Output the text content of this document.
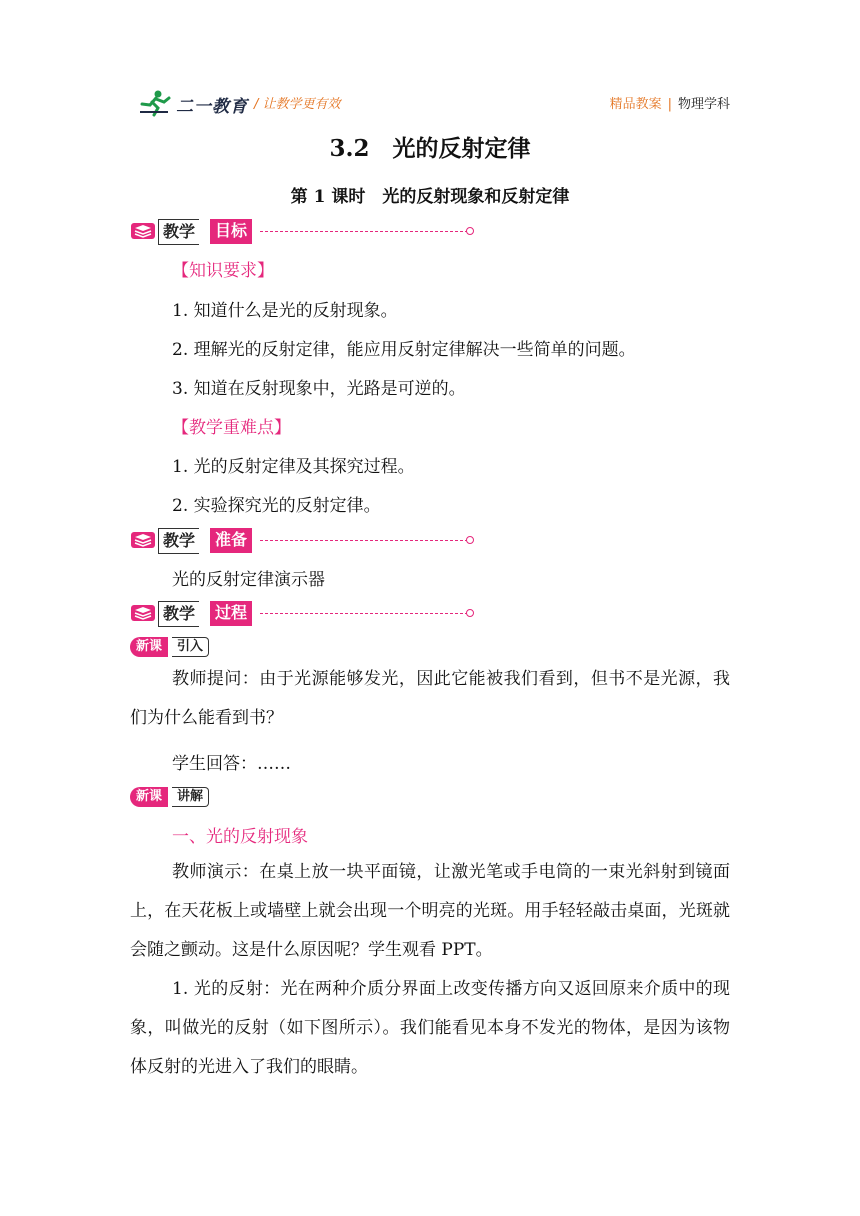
二一教育 / 让教学更有效	精品教案 | 物理学科
3.2　光的反射定律
第 1 课时　光的反射现象和反射定律
教学	目标
【知识要求】
1. 知道什么是光的反射现象。
2. 理解光的反射定律，能应用反射定律解决一些简单的问题。
3. 知道在反射现象中，光路是可逆的。
【教学重难点】
1. 光的反射定律及其探究过程。
2. 实验探究光的反射定律。
教学	准备
光的反射定律演示器
教学	过程
新课	引入
教师提问：由于光源能够发光，因此它能被我们看到，但书不是光源，我们为什么能看到书？
学生回答：……
新课	讲解
一、光的反射现象
教师演示：在桌上放一块平面镜，让激光笔或手电筒的一束光斜射到镜面上，在天花板上或墙壁上就会出现一个明亮的光斑。用手轻轻敲击桌面，光斑就会随之颤动。这是什么原因呢？学生观看 PPT。
1. 光的反射：光在两种介质分界面上改变传播方向又返回原来介质中的现象，叫做光的反射（如下图所示）。我们能看见本身不发光的物体，是因为该物体反射的光进入了我们的眼睛。
